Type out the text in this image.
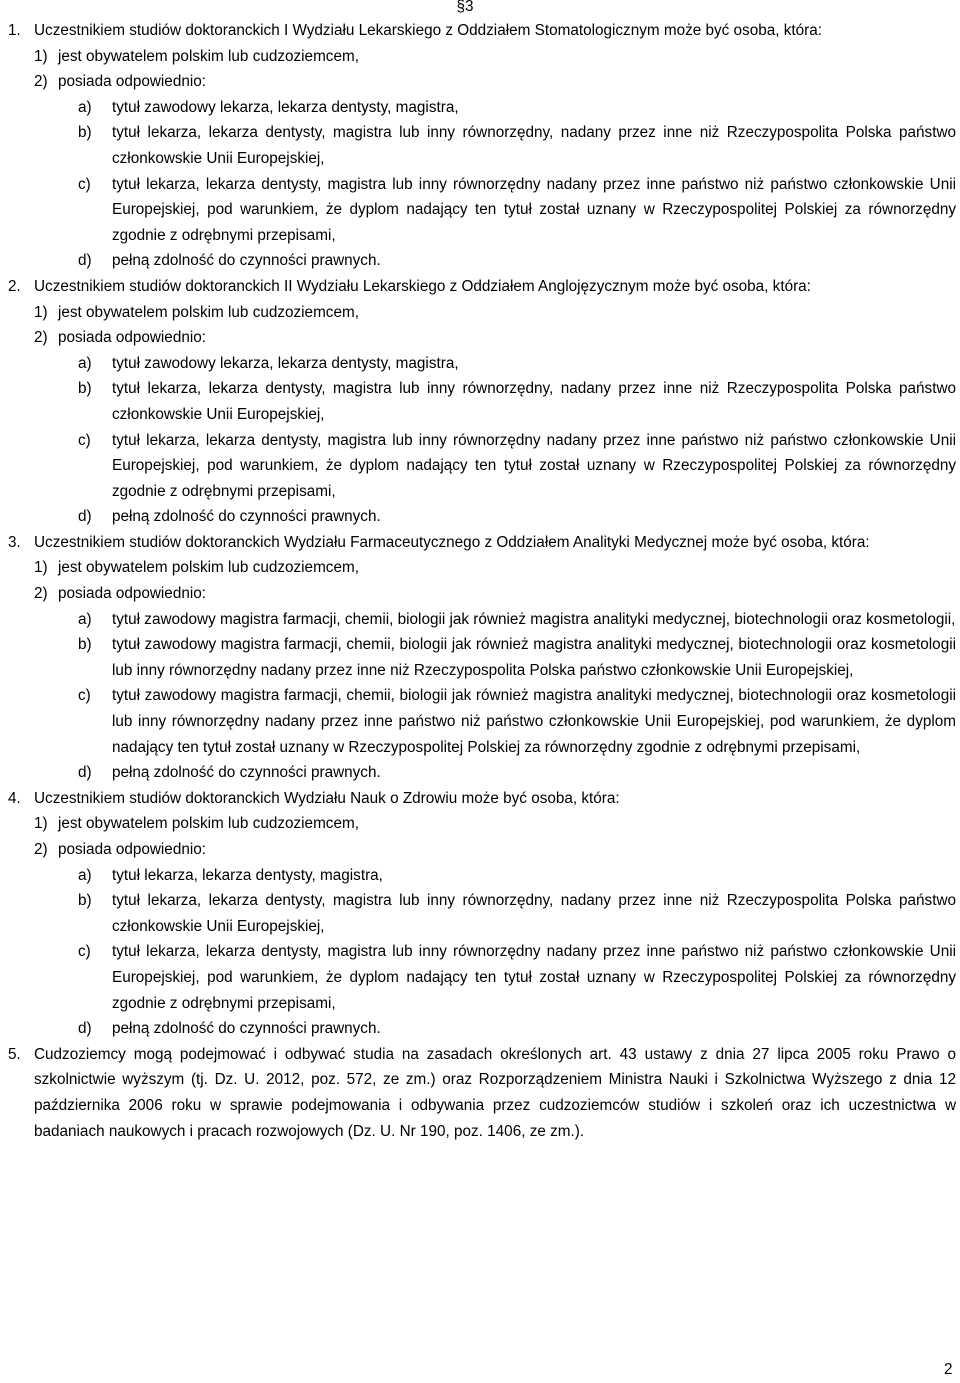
§3
1. Uczestnikiem studiów doktoranckich I Wydziału Lekarskiego z Oddziałem Stomatologicznym może być osoba, która:
1) jest obywatelem polskim lub cudzoziemcem,
2) posiada odpowiednio:
a)	tytuł zawodowy lekarza, lekarza dentysty, magistra,
b)	tytuł lekarza, lekarza dentysty, magistra lub inny równorzędny, nadany przez inne niż Rzeczypospolita Polska państwo członkowskie Unii Europejskiej,
c)	tytuł lekarza, lekarza dentysty, magistra lub inny równorzędny nadany przez inne państwo niż państwo członkowskie Unii Europejskiej, pod warunkiem, że dyplom nadający ten tytuł został uznany w Rzeczypospolitej Polskiej za równorzędny zgodnie z odrębnymi przepisami,
d)	pełną zdolność do czynności prawnych.
2. Uczestnikiem studiów doktoranckich II Wydziału Lekarskiego z Oddziałem Anglojęzycznym może być osoba, która:
1) jest obywatelem polskim lub cudzoziemcem,
2) posiada odpowiednio:
a)	tytuł zawodowy lekarza, lekarza dentysty, magistra,
b)	tytuł lekarza, lekarza dentysty, magistra lub inny równorzędny, nadany przez inne niż Rzeczypospolita Polska państwo członkowskie Unii Europejskiej,
c)	tytuł lekarza, lekarza dentysty, magistra lub inny równorzędny nadany przez inne państwo niż państwo członkowskie Unii Europejskiej, pod warunkiem, że dyplom nadający ten tytuł został uznany w Rzeczypospolitej Polskiej za równorzędny zgodnie z odrębnymi przepisami,
d)	pełną zdolność do czynności prawnych.
3. Uczestnikiem studiów doktoranckich Wydziału Farmaceutycznego z Oddziałem Analityki Medycznej może być osoba, która:
1) jest obywatelem polskim lub cudzoziemcem,
2) posiada odpowiednio:
a)	tytuł zawodowy magistra farmacji, chemii, biologii jak również magistra analityki medycznej, biotechnologii oraz kosmetologii,
b)	tytuł zawodowy magistra farmacji, chemii, biologii jak również magistra analityki medycznej, biotechnologii oraz kosmetologii lub inny równorzędny nadany przez inne niż Rzeczypospolita Polska państwo członkowskie Unii Europejskiej,
c)	tytuł zawodowy magistra farmacji, chemii, biologii jak również magistra analityki medycznej, biotechnologii oraz kosmetologii lub inny równorzędny nadany przez inne państwo niż państwo członkowskie Unii Europejskiej, pod warunkiem, że dyplom nadający ten tytuł został uznany w Rzeczypospolitej Polskiej za równorzędny zgodnie z odrębnymi przepisami,
d)	pełną zdolność do czynności prawnych.
4. Uczestnikiem studiów doktoranckich Wydziału Nauk o Zdrowiu może być osoba, która:
1) jest obywatelem polskim lub cudzoziemcem,
2) posiada odpowiednio:
a)	tytuł lekarza, lekarza dentysty, magistra,
b)	tytuł lekarza, lekarza dentysty, magistra lub inny równorzędny, nadany przez inne niż Rzeczypospolita Polska państwo członkowskie Unii Europejskiej,
c)	tytuł lekarza, lekarza dentysty, magistra lub inny równorzędny nadany przez inne państwo niż państwo członkowskie Unii Europejskiej, pod warunkiem, że dyplom nadający ten tytuł został uznany w Rzeczypospolitej Polskiej za równorzędny zgodnie z odrębnymi przepisami,
d)	pełną zdolność do czynności prawnych.
5. Cudzoziemcy mogą podejmować i odbywać studia na zasadach określonych art. 43 ustawy z dnia 27 lipca 2005 roku Prawo o szkolnictwie wyższym (tj. Dz. U. 2012, poz. 572, ze zm.) oraz Rozporządzeniem Ministra Nauki i Szkolnictwa Wyższego z dnia 12 października 2006 roku w sprawie podejmowania i odbywania przez cudzoziemców studiów i szkoleń oraz ich uczestnictwa w badaniach naukowych i pracach rozwojowych (Dz. U. Nr 190, poz. 1406, ze zm.).
2
